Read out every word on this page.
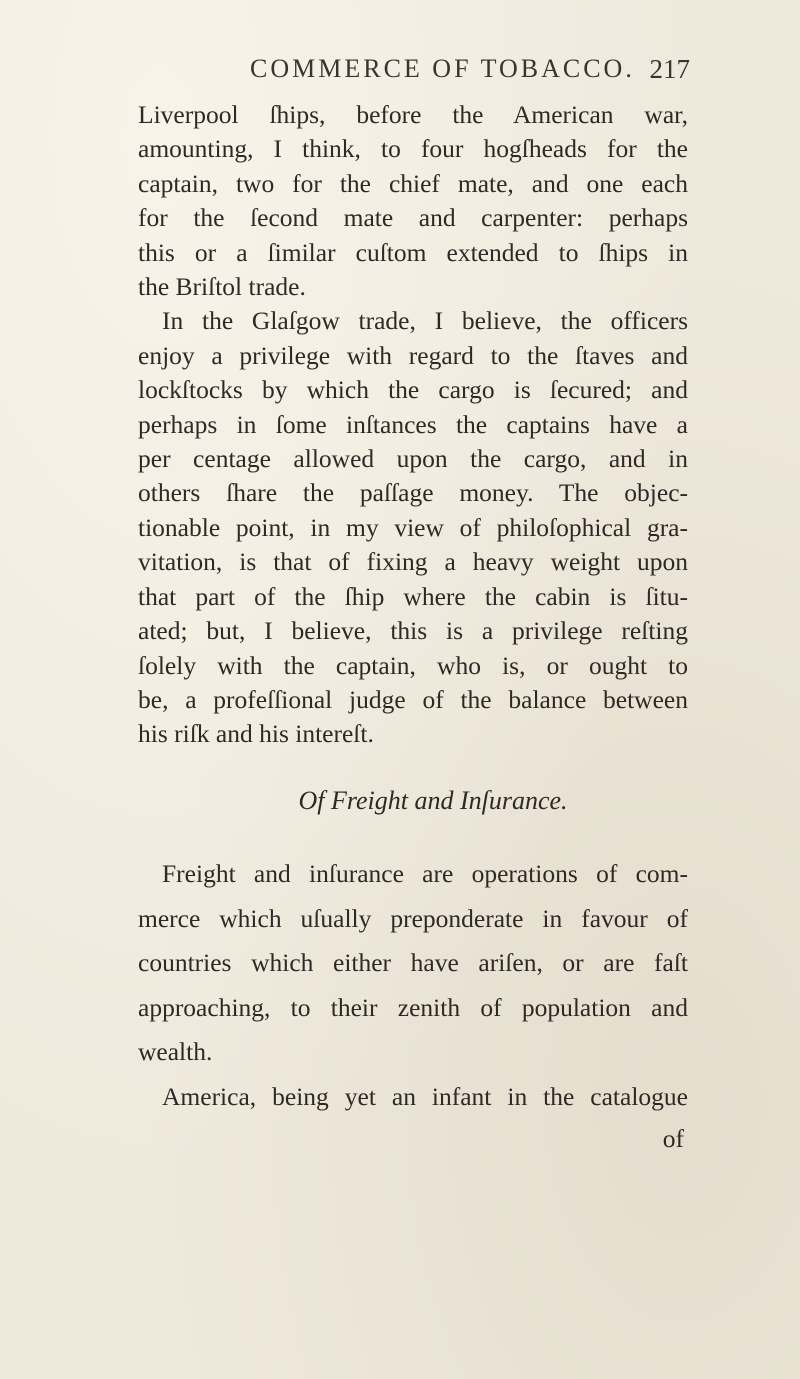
COMMERCE OF TOBACCO. 217
Liverpool ſhips, before the American war,
amounting, I think, to four hogſheads for the
captain, two for the chief mate, and one each
for the ſecond mate and carpenter: perhaps
this or a ſimilar cuſtom extended to ſhips in
the Briſtol trade.
In the Glaſgow trade, I believe, the officers
enjoy a privilege with regard to the ſtaves and
lockſtocks by which the cargo is ſecured; and
perhaps in ſome inſtances the captains have a
per centage allowed upon the cargo, and in
others ſhare the paſſage money. The objec-
tionable point, in my view of philoſophical gra-
vitation, is that of fixing a heavy weight upon
that part of the ſhip where the cabin is ſitu-
ated; but, I believe, this is a privilege reſting
ſolely with the captain, who is, or ought to
be, a profeſſional judge of the balance between
his riſk and his intereſt.
Of Freight and Inſurance.
Freight and inſurance are operations of com-
merce which uſually preponderate in favour of
countries which either have ariſen, or are faſt
approaching, to their zenith of population and
wealth.
America, being yet an infant in the catalogue
of
